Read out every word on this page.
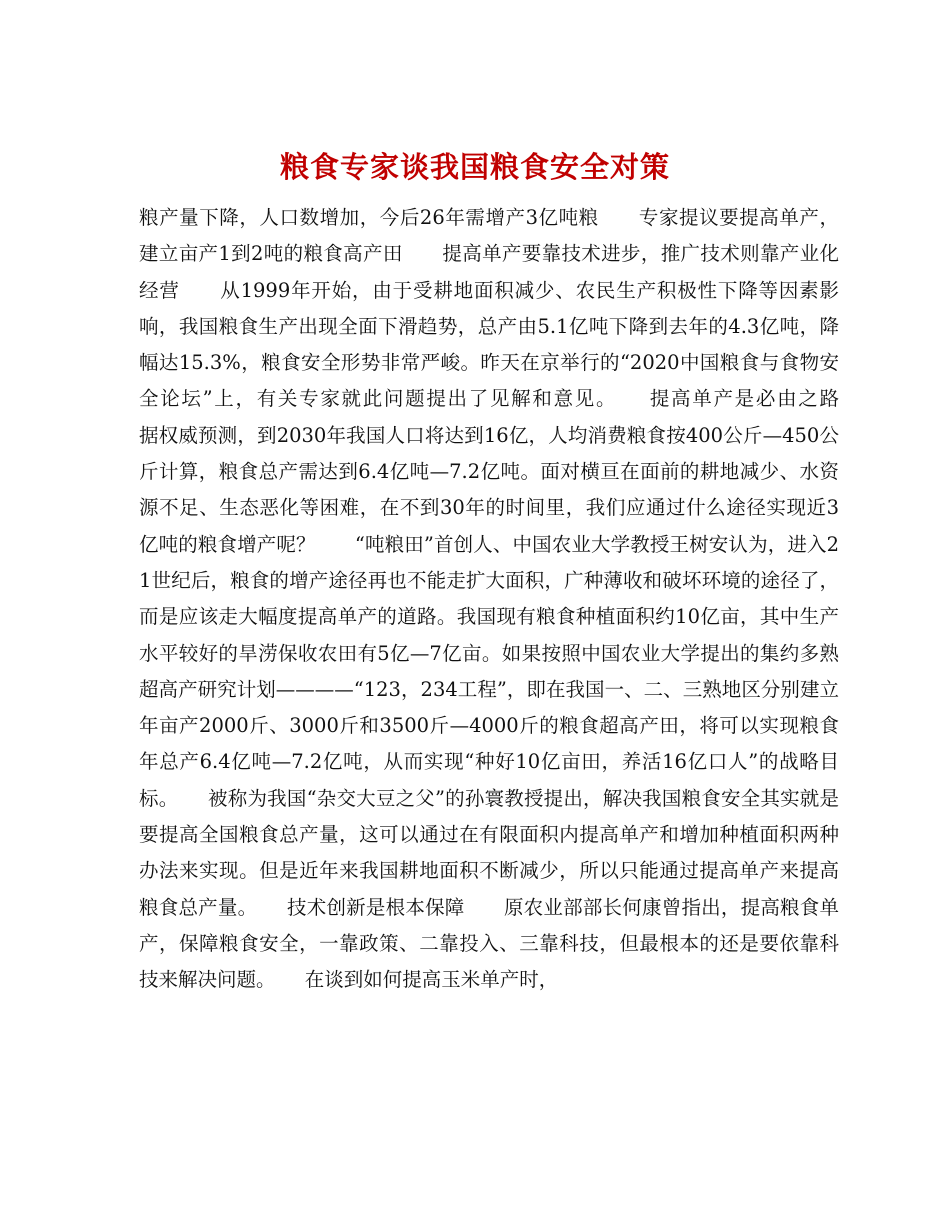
粮食专家谈我国粮食安全对策

粮产量下降，人口数增加，今后26年需增产3亿吨粮　　专家提议要提高单产，建立亩产1到2吨的粮食高产田　　提高单产要靠技术进步，推广技术则靠产业化经营　　从1999年开始，由于受耕地面积减少、农民生产积极性下降等因素影响，我国粮食生产出现全面下滑趋势，总产由5.1亿吨下降到去年的4.3亿吨，降幅达15.3%，粮食安全形势非常严峻。昨天在京举行的“2020中国粮食与食物安全论坛”上，有关专家就此问题提出了见解和意见。　　提高单产是必由之路　　据权威预测，到2030年我国人口将达到16亿，人均消费粮食按400公斤—450公斤计算，粮食总产需达到6.4亿吨—7.2亿吨。面对横亘在面前的耕地减少、水资源不足、生态恶化等困难，在不到30年的时间里，我们应通过什么途径实现近3亿吨的粮食增产呢？　　“吨粮田”首创人、中国农业大学教授王树安认为，进入21世纪后，粮食的增产途径再也不能走扩大面积，广种薄收和破坏环境的途径了，而是应该走大幅度提高单产的道路。我国现有粮食种植面积约10亿亩，其中生产水平较好的旱涝保收农田有5亿—7亿亩。如果按照中国农业大学提出的集约多熟超高产研究计划————“123，234工程”，即在我国一、二、三熟地区分别建立年亩产2000斤、3000斤和3500斤—4000斤的粮食超高产田，将可以实现粮食年总产6.4亿吨—7.2亿吨，从而实现“种好10亿亩田，养活16亿口人”的战略目标。　　被称为我国“杂交大豆之父”的孙寰教授提出，解决我国粮食安全其实就是要提高全国粮食总产量，这可以通过在有限面积内提高单产和增加种植面积两种办法来实现。但是近年来我国耕地面积不断减少，所以只能通过提高单产来提高粮食总产量。　　技术创新是根本保障　　原农业部部长何康曾指出，提高粮食单产，保障粮食安全，一靠政策、二靠投入、三靠科技，但最根本的还是要依靠科技来解决问题。　　在谈到如何提高玉米单产时，
